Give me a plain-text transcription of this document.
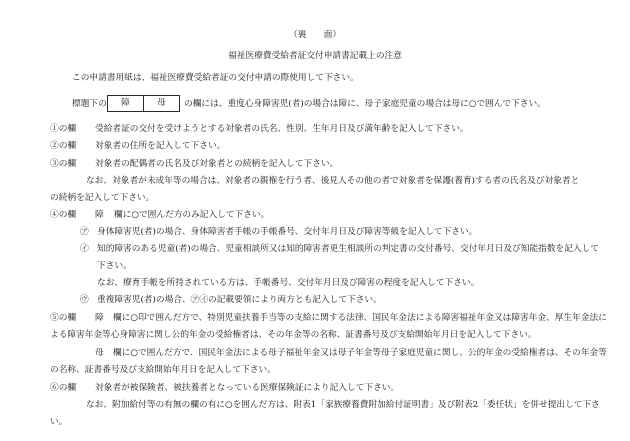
（裏　　面）
福祉医療費受給者証交付申請書記載上の注意
この申請書用紙は、福祉医療費受給者証の交付申請の際使用して下さい。
標題下の	障	母	の欄には、重度心身障害児(者)の場合は障に、母子家庭児童の場合は母に○で囲んで下さい。
①の欄 受給者証の交付を受けようとする対象者の氏名、性別、生年月日及び満年齢を記入して下さい。
②の欄 対象者の住所を記入して下さい。
③の欄 対象者の配偶者の氏名及び対象者との続柄を記入して下さい。
なお、対象者が未成年等の場合は、対象者の親権を行う者、後見人その他の者で対象者を保護(養育)する者の氏名及び対象者と
の続柄を記入して下さい。
④の欄 障 欄に○で囲んだ方のみ記入して下さい。
㋐ 身体障害児(者)の場合、身体障害者手帳の手帳番号、交付年月日及び障害等級を記入して下さい。
㋑ 知的障害のある児童(者)の場合、児童相談所又は知的障害者更生相談所の判定書の交付番号、交付年月日及び知能指数を記入して
下さい。
なお、療育手帳を所持されている方は、手帳番号、交付年月日及び障害の程度を記入して下さい。
㋒ 重複障害児(者)の場合、㋐㋑の記載要領により両方とも記入して下さい。
⑤の欄 障 欄に○印で囲んだ方で、特別児童扶養手当等の支給に関する法律、国民年金法による障害福祉年金又は障害年金、厚生年金法に
よる障害年金等心身障害に関し公的年金の受給権者は、その年金等の名称、証書番号及び支給開始年月日を記入して下さい。
母 欄に○で囲んだ方で、国民年金法による母子福祉年金又は母子年金等母子家庭児童に関し、公的年金の受給権者は、その年金等
の名称、証書番号及び支給開始年月日を記入して下さい。
⑥の欄 対象者が被保険者、被扶養者となっている医療保険証により記入して下さい。
なお、附加給付等の有無の欄の有に○を囲んだ方は、附表1「家族療養費附加給付証明書」及び附表2「委任状」を併せ提出して下さ
い。
